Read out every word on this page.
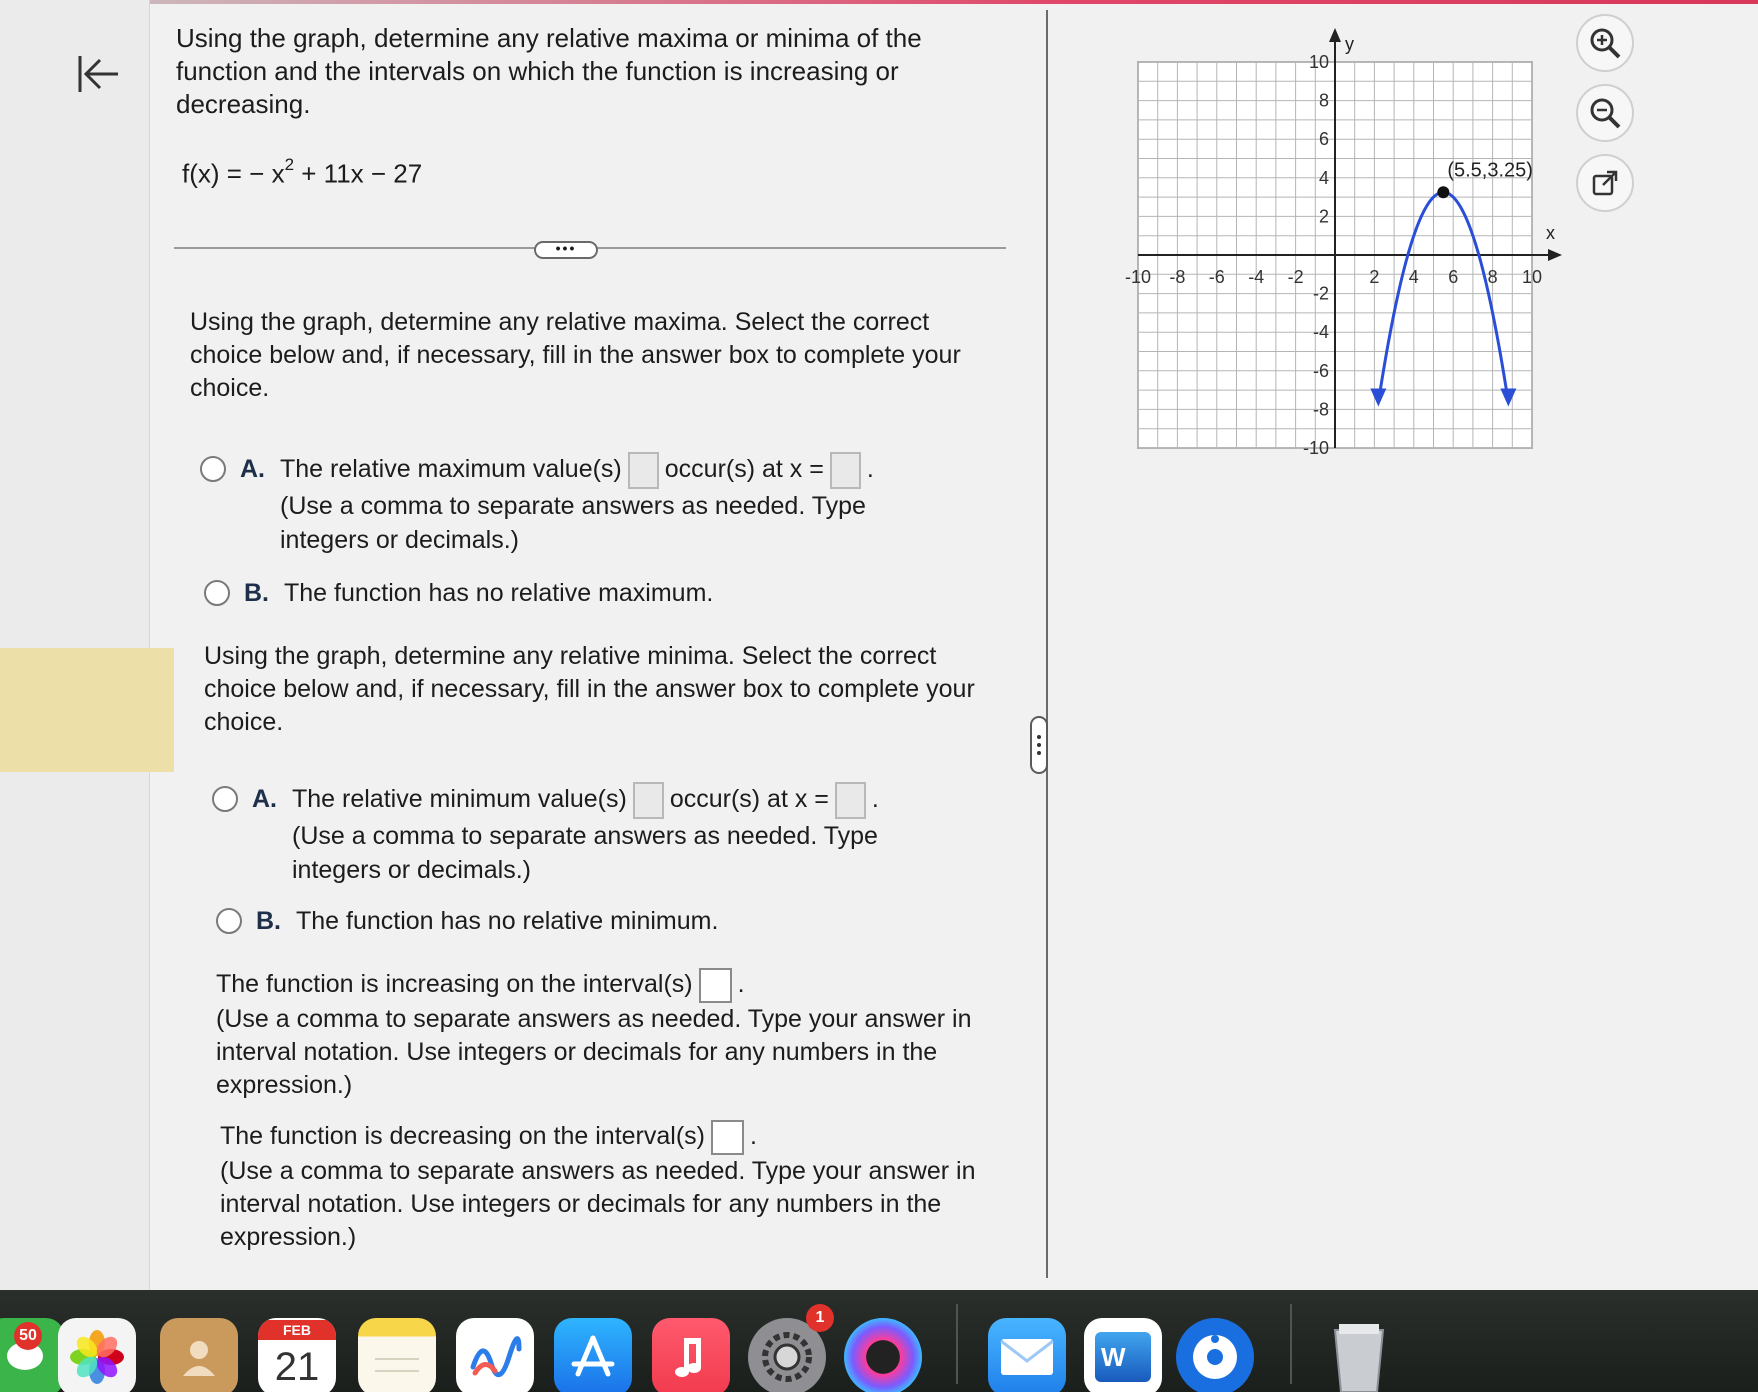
Using the graph, determine any relative maxima or minima of the function and the intervals on which the function is increasing or decreasing.
f(x) = − $x^2 + 11x - 27$
•••
Using the graph, determine any relative maxima. Select the correct choice below and, if necessary, fill in the answer box to complete your choice.
A. The relative maximum value(s) occur(s) at x = .
(Use a comma to separate answers as needed. Type integers or decimals.)
B. The function has no relative maximum.
Using the graph, determine any relative minima. Select the correct choice below and, if necessary, fill in the answer box to complete your choice.
A. The relative minimum value(s) occur(s) at x = .
(Use a comma to separate answers as needed. Type integers or decimals.)
B. The function has no relative minimum.
The function is increasing on the interval(s) .
(Use a comma to separate answers as needed. Type your answer in interval notation. Use integers or decimals for any numbers in the expression.)
The function is decreasing on the interval(s) .
(Use a comma to separate answers as needed. Type your answer in interval notation. Use integers or decimals for any numbers in the expression.)
x
y
-10 -8 -6 -4 -2	2 4 6 8 10
10
8
6
4
2
-2
-4
-6
-8
-10
(5.5,3.25)
50	FEB
21
1
W
